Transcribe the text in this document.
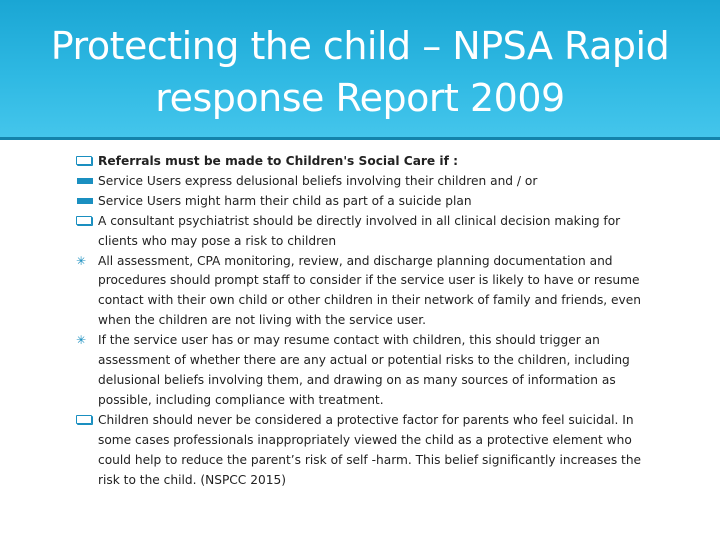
Protecting the child – NPSA Rapid
response Report 2009
Referrals must be made to Children's Social Care if :
Service Users express delusional beliefs involving their children and / or
Service Users might harm their child as part of a suicide plan
A consultant psychiatrist should be directly involved in all clinical decision making for clients who may pose a risk to children
✳ All assessment, CPA monitoring, review, and discharge planning documentation and procedures should prompt staff to consider if the service user is likely to have or resume contact with their own child or other children in their network of family and friends, even when the children are not living with the service user.
✳ If the service user has or may resume contact with children, this should trigger an assessment of whether there are any actual or potential risks to the children, including delusional beliefs involving them, and drawing on as many sources of information as possible, including compliance with treatment.
Children should never be considered a protective factor for parents who feel suicidal. In some cases professionals inappropriately viewed the child as a protective element who could help to reduce the parent’s risk of self -harm. This belief significantly increases the risk to the child. (NSPCC 2015)
